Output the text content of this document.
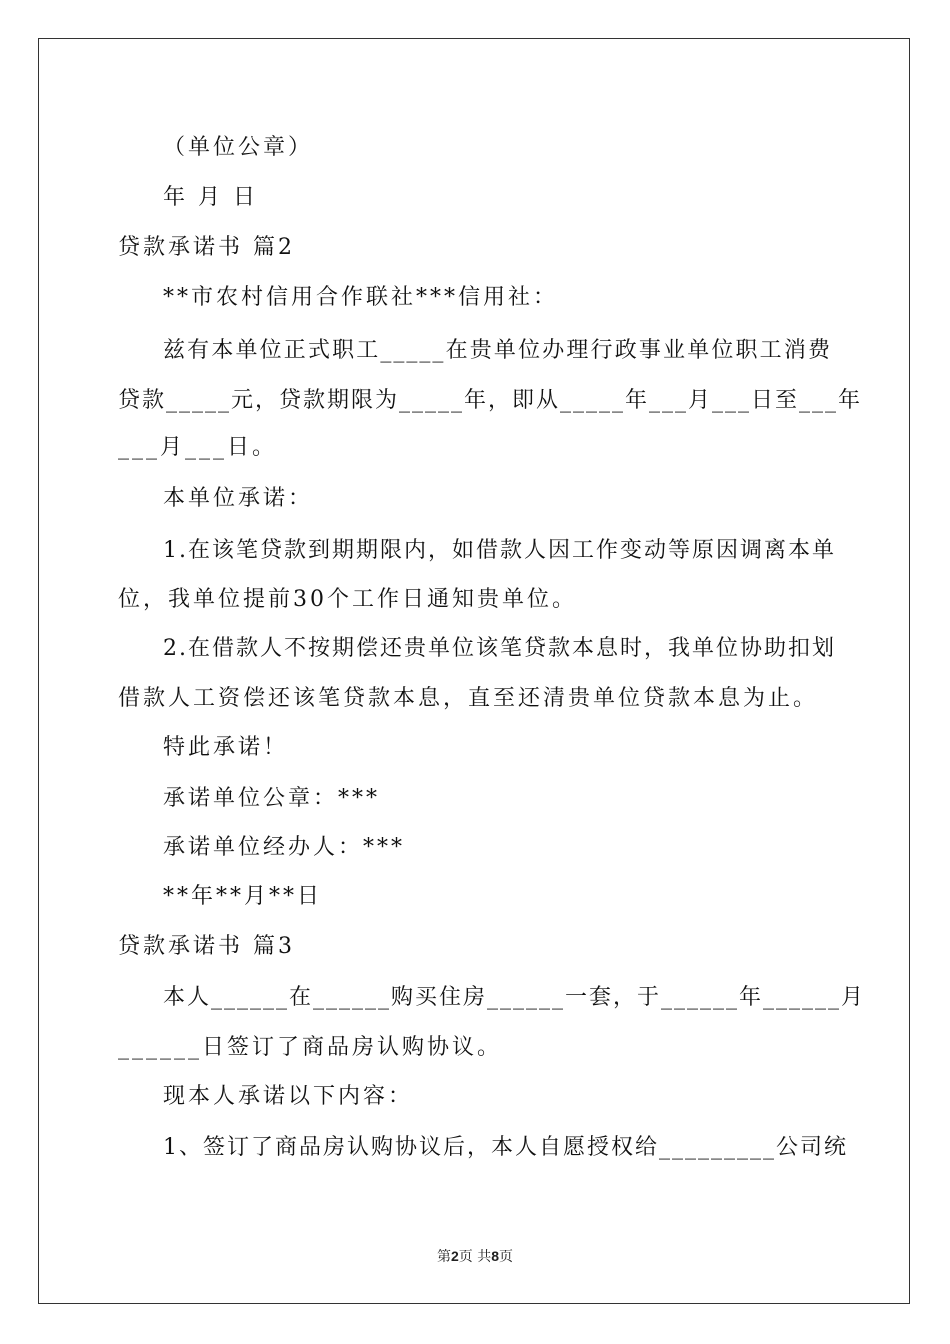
（单位公章）
年 月 日
贷款承诺书 篇2
**市农村信用合作联社***信用社：
兹有本单位正式职工_____在贵单位办理行政事业单位职工消费
贷款_____元，贷款期限为_____年，即从_____年___月___日至___年
___月___日。
本单位承诺：
1.在该笔贷款到期期限内，如借款人因工作变动等原因调离本单
位，我单位提前30个工作日通知贵单位。
2.在借款人不按期偿还贵单位该笔贷款本息时，我单位协助扣划
借款人工资偿还该笔贷款本息，直至还清贵单位贷款本息为止。
特此承诺！
承诺单位公章：***
承诺单位经办人：***
**年**月**日
贷款承诺书 篇3
本人______在______购买住房______一套，于______年______月
______日签订了商品房认购协议。
现本人承诺以下内容：
1、签订了商品房认购协议后，本人自愿授权给_________公司统
第2页 共8页
